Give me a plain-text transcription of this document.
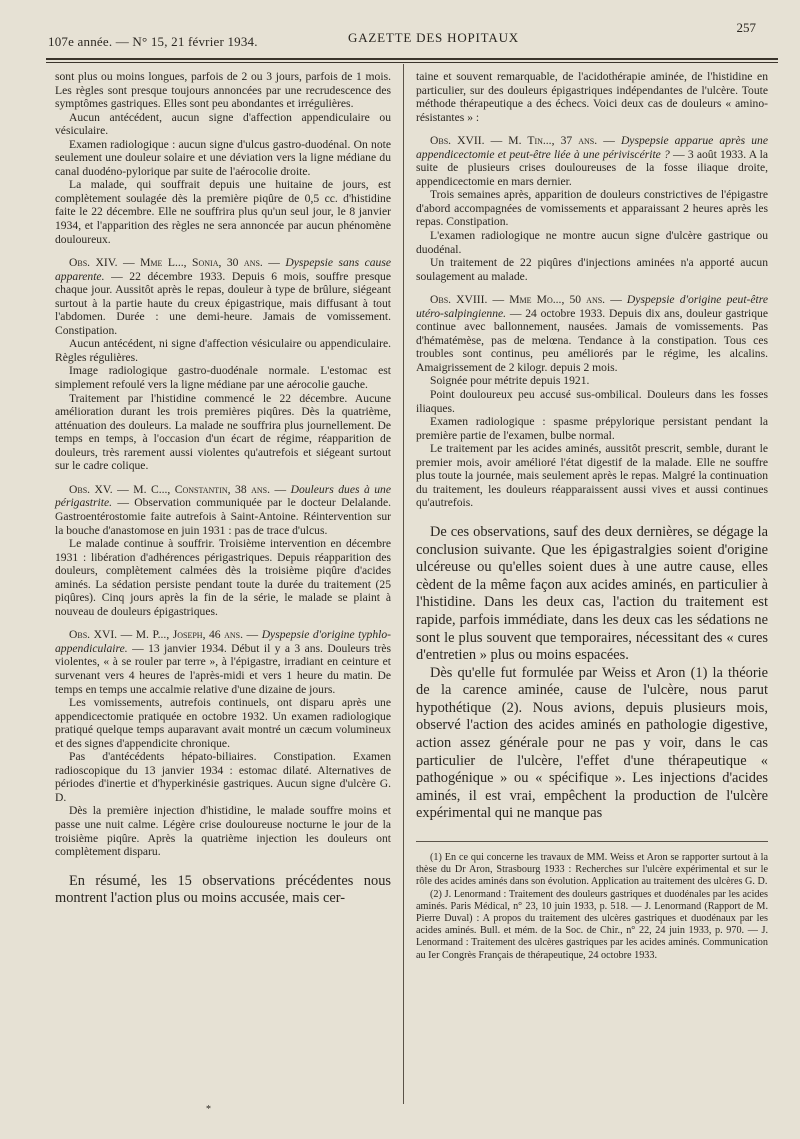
107e année. — N° 15, 21 février 1934.	GAZETTE DES HOPITAUX
257

sont plus ou moins longues, parfois de 2 ou 3 jours, parfois de 1 mois. Les règles sont presque toujours annoncées par une recrudescence des symptômes gastriques. Elles sont peu abondantes et irrégulières.

Aucun antécédent, aucun signe d'affection appendiculaire ou vésiculaire.

Examen radiologique : aucun signe d'ulcus gastro-duodénal. On note seulement une douleur solaire et une déviation vers la ligne médiane du canal duodéno-pylorique par suite de l'aérocolie droite.

La malade, qui souffrait depuis une huitaine de jours, est complètement soulagée dès la première piqûre de 0,5 cc. d'histidine faite le 22 décembre. Elle ne souffrira plus qu'un seul jour, le 8 janvier 1934, et l'apparition des règles ne sera annoncée par aucun phénomène douloureux.

Obs. XIV. — Mme L..., Sonia, 30 ans. — Dyspepsie sans cause apparente. — 22 décembre 1933. Depuis 6 mois, souffre presque chaque jour. Aussitôt après le repas, douleur à type de brûlure, siégeant surtout à la partie haute du creux épigastrique, mais diffusant à tout l'abdomen. Durée : une demi-heure. Jamais de vomissement. Constipation.

Aucun antécédent, ni signe d'affection vésiculaire ou appendiculaire. Règles régulières.

Image radiologique gastro-duodénale normale. L'estomac est simplement refoulé vers la ligne médiane par une aérocolie gauche.

Traitement par l'histidine commencé le 22 décembre. Aucune amélioration durant les trois premières piqûres. Dès la quatrième, atténuation des douleurs. La malade ne souffrira plus journellement. De temps en temps, à l'occasion d'un écart de régime, réapparition de douleurs, très rarement aussi violentes qu'autrefois et siégeant surtout sur le cadre colique.

Obs. XV. — M. C..., Constantin, 38 ans. — Douleurs dues à une périgastrite. — Observation communiquée par le docteur Delalande. Gastroentérostomie faite autrefois à Saint-Antoine. Réintervention sur la bouche d'anastomose en juin 1931 : pas de trace d'ulcus.

Le malade continue à souffrir. Troisième intervention en décembre 1931 : libération d'adhérences périgastriques. Depuis réapparition des douleurs, complètement calmées dès la troisième piqûre d'acides aminés. La sédation persiste pendant toute la durée du traitement (25 piqûres). Cinq jours après la fin de la série, le malade se plaint à nouveau de douleurs épigastriques.

Obs. XVI. — M. P..., Joseph, 46 ans. — Dyspepsie d'origine typhlo-appendiculaire. — 13 janvier 1934. Début il y a 3 ans. Douleurs très violentes, « à se rouler par terre », à l'épigastre, irradiant en ceinture et survenant vers 4 heures de l'après-midi et vers 1 heure du matin. De temps en temps une accalmie relative d'une dizaine de jours.

Les vomissements, autrefois continuels, ont disparu après une appendicectomie pratiquée en octobre 1932. Un examen radiologique pratiqué quelque temps auparavant avait montré un cæcum volumineux et des signes d'appendicite chronique.

Pas d'antécédents hépato-biliaires. Constipation. Examen radioscopique du 13 janvier 1934 : estomac dilaté. Alternatives de périodes d'inertie et d'hyperkinésie gastriques. Aucun signe d'ulcère G. D.

Dès la première injection d'histidine, le malade souffre moins et passe une nuit calme. Légère crise douloureuse nocturne le jour de la troisième piqûre. Après la quatrième injection les douleurs ont complètement disparu.

En résumé, les 15 observations précédentes nous montrent l'action plus ou moins accusée, mais cer-

*

taine et souvent remarquable, de l'acidothérapie aminée, de l'histidine en particulier, sur des douleurs épigastriques indépendantes de l'ulcère. Toute méthode thérapeutique a des échecs. Voici deux cas de douleurs « amino-résistantes » :

Obs. XVII. — M. Tin..., 37 ans. — Dyspepsie apparue après une appendicectomie et peut-être liée à une périviscérite ? — 3 août 1933. A la suite de plusieurs crises douloureuses de la fosse iliaque droite, appendicectomie en mars dernier.

Trois semaines après, apparition de douleurs constrictives de l'épigastre d'abord accompagnées de vomissements et apparaissant 2 heures après les repas. Constipation.

L'examen radiologique ne montre aucun signe d'ulcère gastrique ou duodénal.

Un traitement de 22 piqûres d'injections aminées n'a apporté aucun soulagement au malade.

Obs. XVIII. — Mme Mo..., 50 ans. — Dyspepsie d'origine peut-être utéro-salpingienne. — 24 octobre 1933. Depuis dix ans, douleur gastrique continue avec ballonnement, nausées. Jamais de vomissements. Pas d'hématémèse, pas de melœna. Tendance à la constipation. Tous ces troubles sont continus, peu améliorés par le régime, les alcalins. Amaigrissement de 2 kilogr. depuis 2 mois.

Soignée pour métrite depuis 1921.

Point douloureux peu accusé sus-ombilical. Douleurs dans les fosses iliaques.

Examen radiologique : spasme prépylorique persistant pendant la première partie de l'examen, bulbe normal.

Le traitement par les acides aminés, aussitôt prescrit, semble, durant le premier mois, avoir amélioré l'état digestif de la malade. Elle ne souffre plus toute la journée, mais seulement après le repas. Malgré la continuation du traitement, les douleurs réapparaissent aussi vives et aussi continues qu'autrefois.

De ces observations, sauf des deux dernières, se dégage la conclusion suivante. Que les épigastralgies soient d'origine ulcéreuse ou qu'elles soient dues à une autre cause, elles cèdent de la même façon aux acides aminés, en particulier à l'histidine. Dans les deux cas, l'action du traitement est rapide, parfois immédiate, dans les deux cas les sédations ne sont le plus souvent que temporaires, nécessitant des « cures d'entretien » plus ou moins espacées.

Dès qu'elle fut formulée par Weiss et Aron (1) la théorie de la carence aminée, cause de l'ulcère, nous parut hypothétique (2). Nous avions, depuis plusieurs mois, observé l'action des acides aminés en pathologie digestive, action assez générale pour ne pas y voir, dans le cas particulier de l'ulcère, l'effet d'une thérapeutique « pathogénique » ou « spécifique ». Les injections d'acides aminés, il est vrai, empêchent la production de l'ulcère expérimental qui ne manque pas

(1) En ce qui concerne les travaux de MM. Weiss et Aron se rapporter surtout à la thèse du Dr Aron, Strasbourg 1933 : Recherches sur l'ulcère expérimental et sur le rôle des acides aminés dans son évolution. Application au traitement des ulcères G. D.

(2) J. Lenormand : Traitement des douleurs gastriques et duodénales par les acides aminés. Paris Médical, n° 23, 10 juin 1933, p. 518. — J. Lenormand (Rapport de M. Pierre Duval) : A propos du traitement des ulcères gastriques et duodénaux par les acides aminés. Bull. et mém. de la Soc. de Chir., n° 22, 24 juin 1933, p. 970. — J. Lenormand : Traitement des ulcères gastriques par les acides aminés. Communication au Ier Congrès Français de thérapeutique, 24 octobre 1933.
